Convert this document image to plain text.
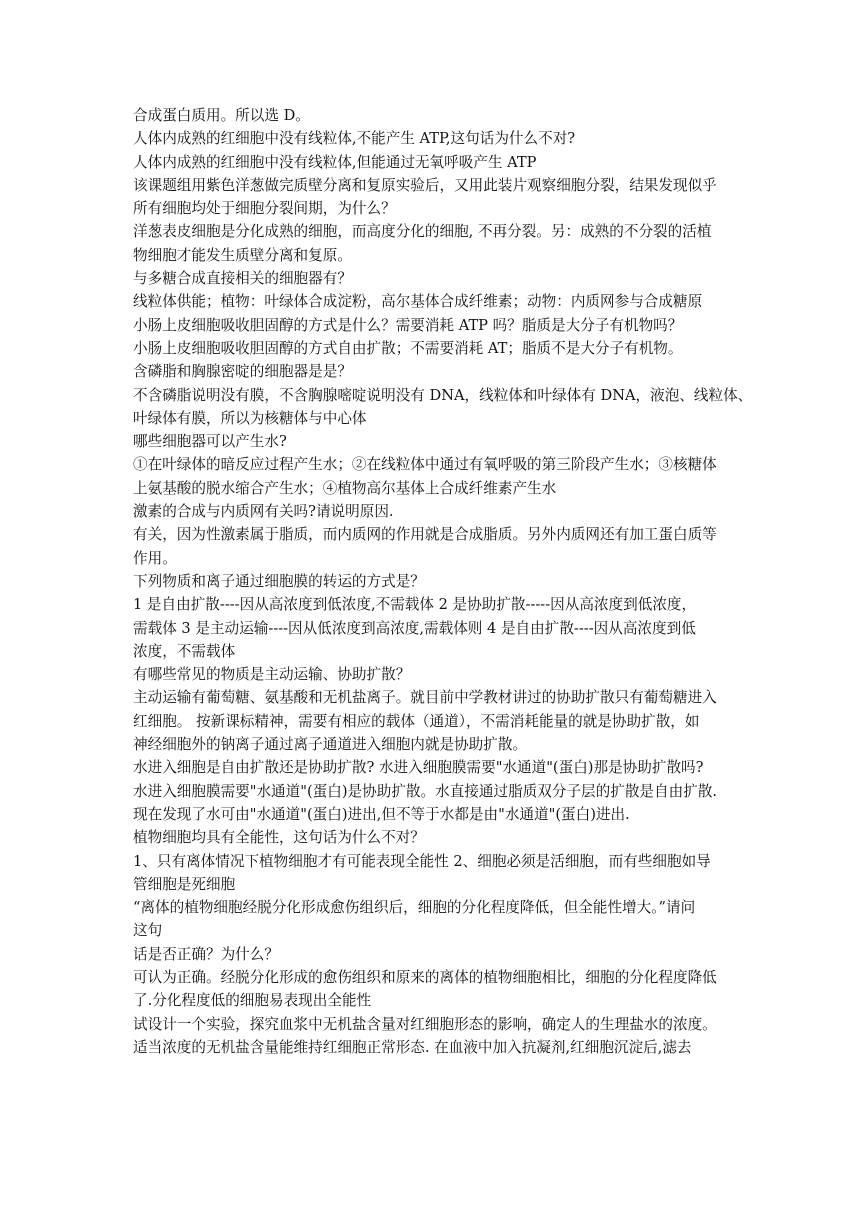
合成蛋白质用。所以选 D。
人体内成熟的红细胞中没有线粒体,不能产生 ATP,这句话为什么不对?
人体内成熟的红细胞中没有线粒体,但能通过无氧呼吸产生 ATP
该课题组用紫色洋葱做完质壁分离和复原实验后，又用此装片观察细胞分裂，结果发现似乎
所有细胞均处于细胞分裂间期，为什么？
洋葱表皮细胞是分化成熟的细胞，而高度分化的细胞, 不再分裂。另：成熟的不分裂的活植
物细胞才能发生质壁分离和复原。
与多糖合成直接相关的细胞器有？
线粒体供能；植物：叶绿体合成淀粉，高尔基体合成纤维素；动物：内质网参与合成糖原
小肠上皮细胞吸收胆固醇的方式是什么？需要消耗 ATP 吗？脂质是大分子有机物吗？
小肠上皮细胞吸收胆固醇的方式自由扩散；不需要消耗 AT；脂质不是大分子有机物。
含磷脂和胸腺密啶的细胞器是是？
不含磷脂说明没有膜，不含胸腺嘧啶说明没有 DNA，线粒体和叶绿体有 DNA，液泡、线粒体、
叶绿体有膜，所以为核糖体与中心体
哪些细胞器可以产生水?
①在叶绿体的暗反应过程产生水；②在线粒体中通过有氧呼吸的第三阶段产生水；③核糖体
上氨基酸的脱水缩合产生水；④植物高尔基体上合成纤维素产生水
激素的合成与内质网有关吗?请说明原因.
有关，因为性激素属于脂质，而内质网的作用就是合成脂质。另外内质网还有加工蛋白质等
作用。
下列物质和离子通过细胞膜的转运的方式是？
1 是自由扩散----因从高浓度到低浓度,不需载体 2 是协助扩散-----因从高浓度到低浓度，
需载体 3 是主动运输----因从低浓度到高浓度,需载体则 4 是自由扩散----因从高浓度到低
浓度，不需载体
有哪些常见的物质是主动运输、协助扩散？
主动运输有葡萄糖、氨基酸和无机盐离子。就目前中学教材讲过的协助扩散只有葡萄糖进入
红细胞。 按新课标精神，需要有相应的载体（通道），不需消耗能量的就是协助扩散，如
神经细胞外的钠离子通过离子通道进入细胞内就是协助扩散。
水进入细胞是自由扩散还是协助扩散? 水进入细胞膜需要"水通道"(蛋白)那是协助扩散吗?
水进入细胞膜需要"水通道"(蛋白)是协助扩散。水直接通过脂质双分子层的扩散是自由扩散.
现在发现了水可由"水通道"(蛋白)进出,但不等于水都是由"水通道"(蛋白)进出.
植物细胞均具有全能性，这句话为什么不对？
1、只有离体情况下植物细胞才有可能表现全能性 2、细胞必须是活细胞，而有些细胞如导
管细胞是死细胞
“离体的植物细胞经脱分化形成愈伤组织后，细胞的分化程度降低，但全能性增大。”请问
这句
话是否正确？为什么？
可认为正确。经脱分化形成的愈伤组织和原来的离体的植物细胞相比，细胞的分化程度降低
了.分化程度低的细胞易表现出全能性
试设计一个实验，探究血浆中无机盐含量对红细胞形态的影响，确定人的生理盐水的浓度。
适当浓度的无机盐含量能维持红细胞正常形态. 在血液中加入抗凝剂,红细胞沉淀后,滤去
